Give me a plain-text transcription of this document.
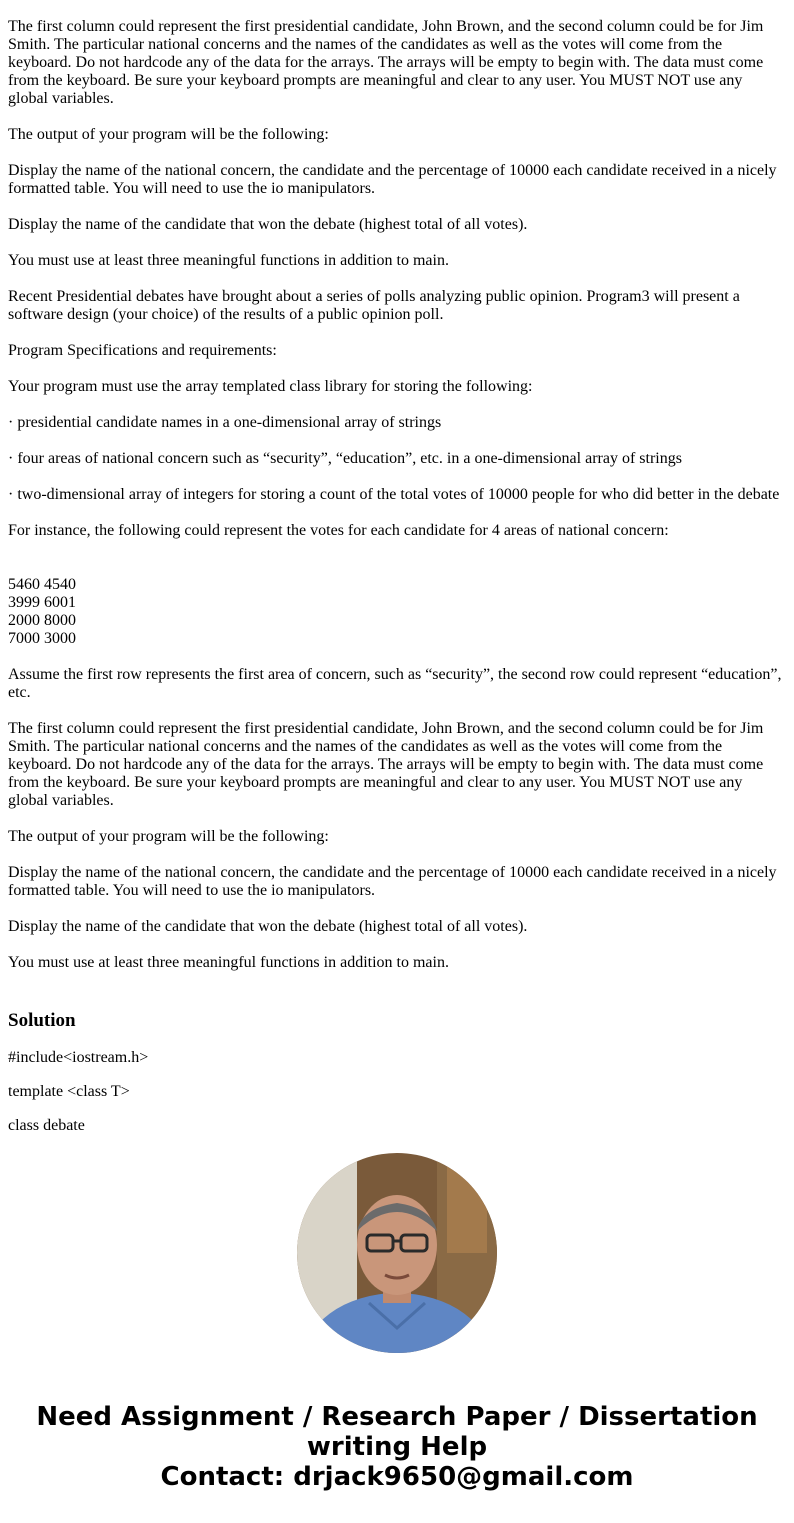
The first column could represent the first presidential candidate, John Brown, and the second column could be for Jim Smith. The particular national concerns and the names of the candidates as well as the votes will come from the keyboard. Do not hardcode any of the data for the arrays. The arrays will be empty to begin with. The data must come from the keyboard. Be sure your keyboard prompts are meaningful and clear to any user. You MUST NOT use any global variables.

The output of your program will be the following:

Display the name of the national concern, the candidate and the percentage of 10000 each candidate received in a nicely formatted table. You will need to use the io manipulators.

Display the name of the candidate that won the debate (highest total of all votes).

You must use at least three meaningful functions in addition to main.

Recent Presidential debates have brought about a series of polls analyzing public opinion. Program3 will present a software design (your choice) of the results of a public opinion poll.

Program Specifications and requirements:

Your program must use the array templated class library for storing the following:

· presidential candidate names in a one-dimensional array of strings

· four areas of national concern such as “security”, “education”, etc. in a one-dimensional array of strings

· two-dimensional array of integers for storing a count of the total votes of 10000 people for who did better in the debate

For instance, the following could represent the votes for each candidate for 4 areas of national concern:

5460 4540
3999 6001
2000 8000
7000 3000

Assume the first row represents the first area of concern, such as “security”, the second row could represent “education”, etc.

The first column could represent the first presidential candidate, John Brown, and the second column could be for Jim Smith. The particular national concerns and the names of the candidates as well as the votes will come from the keyboard. Do not hardcode any of the data for the arrays. The arrays will be empty to begin with. The data must come from the keyboard. Be sure your keyboard prompts are meaningful and clear to any user. You MUST NOT use any global variables.

The output of your program will be the following:

Display the name of the national concern, the candidate and the percentage of 10000 each candidate received in a nicely formatted table. You will need to use the io manipulators.

Display the name of the candidate that won the debate (highest total of all votes).

You must use at least three meaningful functions in addition to main.

Solution

#include<iostream.h>

template <class T>

class debate

Need Assignment / Research Paper / Dissertation
writing Help
Contact: drjack9650@gmail.com
